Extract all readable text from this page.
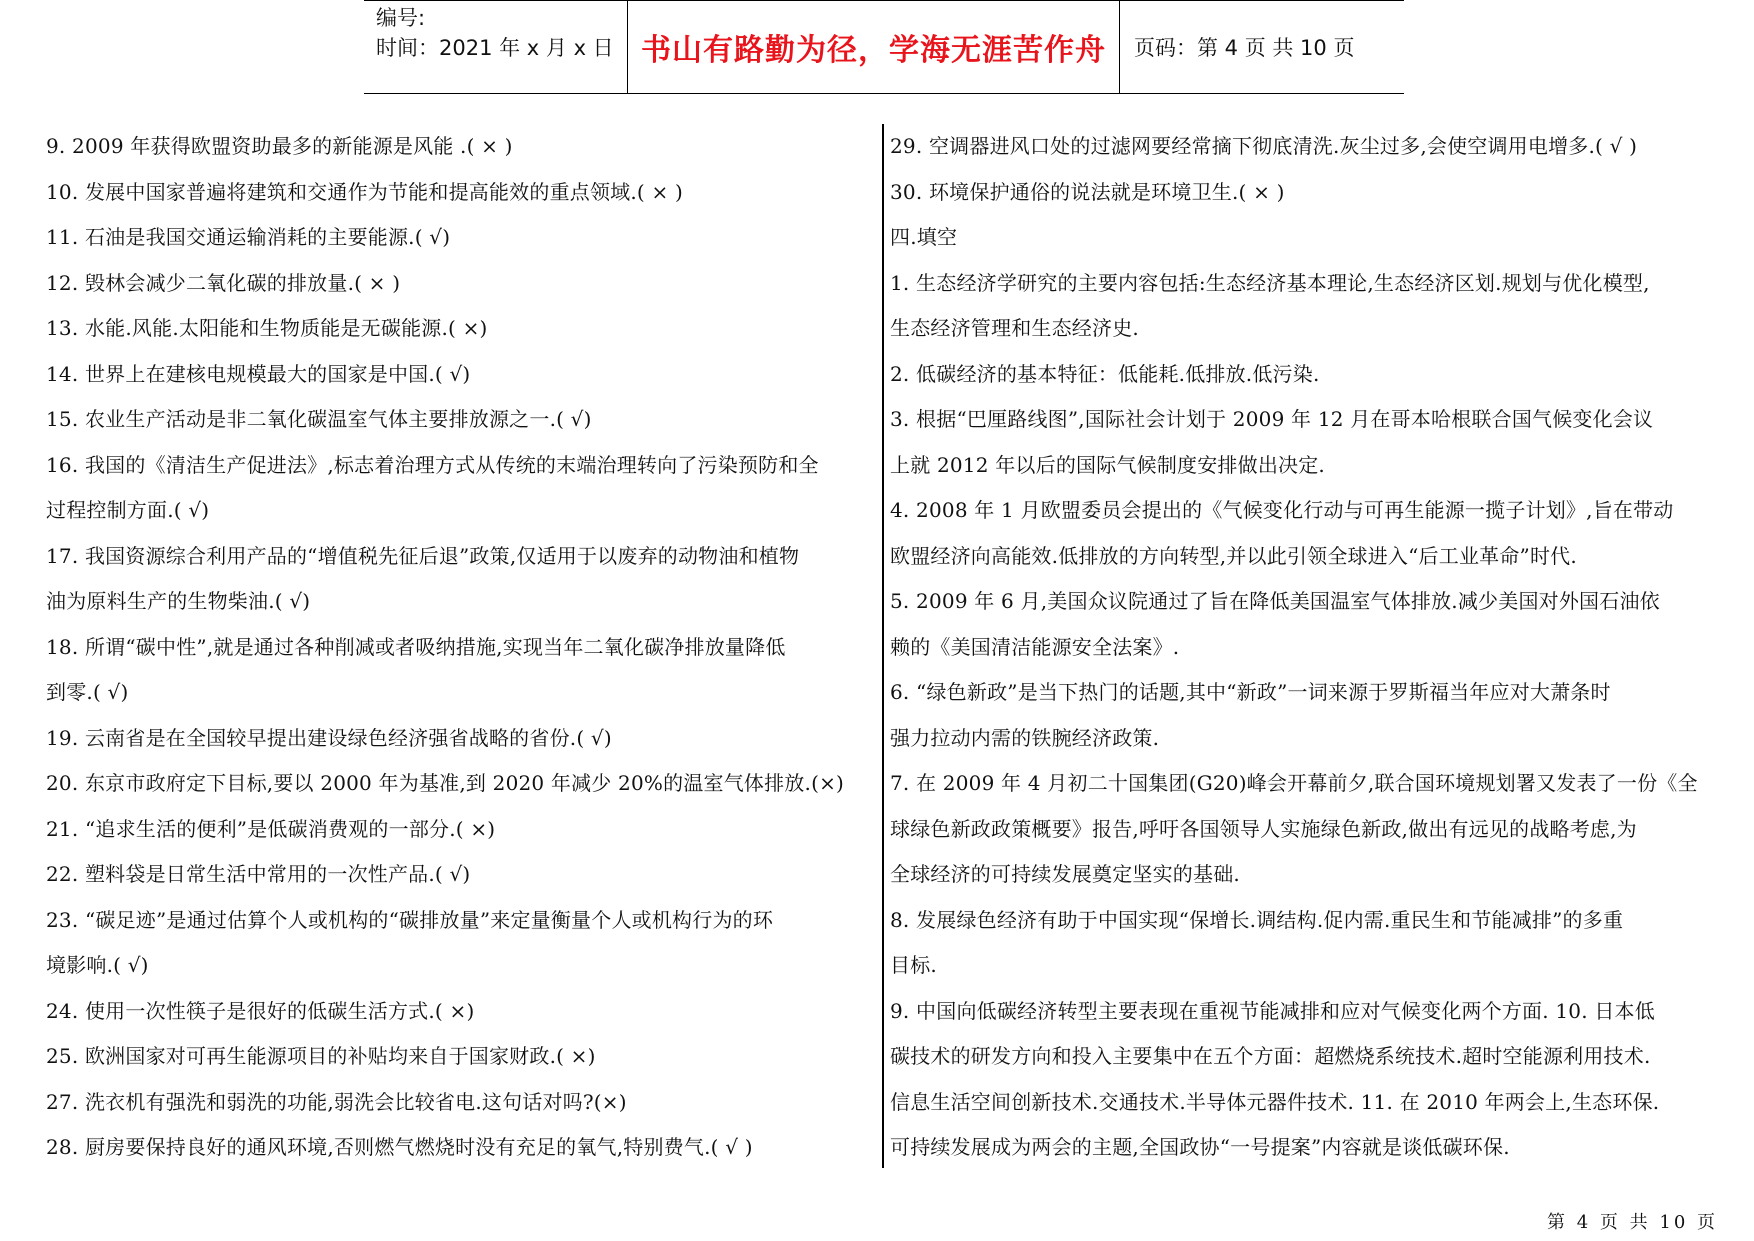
编号:
时间：2021 年 x 月 x 日 书山有路勤为径，学海无涯苦作舟	页码：第 4 页 共 10 页
9. 2009 年获得欧盟资助最多的新能源是风能 .( × )
10. 发展中国家普遍将建筑和交通作为节能和提高能效的重点领域.( × )
11. 石油是我国交通运输消耗的主要能源.( √)
12. 毁林会减少二氧化碳的排放量.( × )
13. 水能.风能.太阳能和生物质能是无碳能源.( ×)
14. 世界上在建核电规模最大的国家是中国.( √)
15. 农业生产活动是非二氧化碳温室气体主要排放源之一.( √)
16. 我国的《清洁生产促进法》,标志着治理方式从传统的末端治理转向了污染预防和全
过程控制方面.( √)
17. 我国资源综合利用产品的“增值税先征后退”政策,仅适用于以废弃的动物油和植物
油为原料生产的生物柴油.( √)
18. 所谓“碳中性”,就是通过各种削减或者吸纳措施,实现当年二氧化碳净排放量降低
到零.( √)
19. 云南省是在全国较早提出建设绿色经济强省战略的省份.( √)
20. 东京市政府定下目标,要以 2000 年为基准,到 2020 年减少 20%的温室气体排放.(×)
21. “追求生活的便利”是低碳消费观的一部分.( ×)
22. 塑料袋是日常生活中常用的一次性产品.( √)
23. “碳足迹”是通过估算个人或机构的“碳排放量”来定量衡量个人或机构行为的环
境影响.( √)
24. 使用一次性筷子是很好的低碳生活方式.( ×)
25. 欧洲国家对可再生能源项目的补贴均来自于国家财政.( ×)
27. 洗衣机有强洗和弱洗的功能,弱洗会比较省电.这句话对吗?(×)
28. 厨房要保持良好的通风环境,否则燃气燃烧时没有充足的氧气,特别费气.( √ )
29. 空调器进风口处的过滤网要经常摘下彻底清洗.灰尘过多,会使空调用电增多.( √ )
30. 环境保护通俗的说法就是环境卫生.( × )
四.填空
1. 生态经济学研究的主要内容包括:生态经济基本理论,生态经济区划.规划与优化模型,
生态经济管理和生态经济史.
2. 低碳经济的基本特征：低能耗.低排放.低污染.
3. 根据“巴厘路线图”,国际社会计划于 2009 年 12 月在哥本哈根联合国气候变化会议
上就 2012 年以后的国际气候制度安排做出决定.
4. 2008 年 1 月欧盟委员会提出的《气候变化行动与可再生能源一揽子计划》,旨在带动
欧盟经济向高能效.低排放的方向转型,并以此引领全球进入“后工业革命”时代.
5. 2009 年 6 月,美国众议院通过了旨在降低美国温室气体排放.减少美国对外国石油依
赖的《美国清洁能源安全法案》.
6. “绿色新政”是当下热门的话题,其中“新政”一词来源于罗斯福当年应对大萧条时
强力拉动内需的铁腕经济政策.
7. 在 2009 年 4 月初二十国集团(G20)峰会开幕前夕,联合国环境规划署又发表了一份《全
球绿色新政政策概要》报告,呼吁各国领导人实施绿色新政,做出有远见的战略考虑,为
全球经济的可持续发展奠定坚实的基础.
8. 发展绿色经济有助于中国实现“保增长.调结构.促内需.重民生和节能减排”的多重
目标.
9. 中国向低碳经济转型主要表现在重视节能减排和应对气候变化两个方面. 10. 日本低
碳技术的研发方向和投入主要集中在五个方面：超燃烧系统技术.超时空能源利用技术.
信息生活空间创新技术.交通技术.半导体元器件技术. 11. 在 2010 年两会上,生态环保.
可持续发展成为两会的主题,全国政协“一号提案”内容就是谈低碳环保.
第 4 页 共 10 页
